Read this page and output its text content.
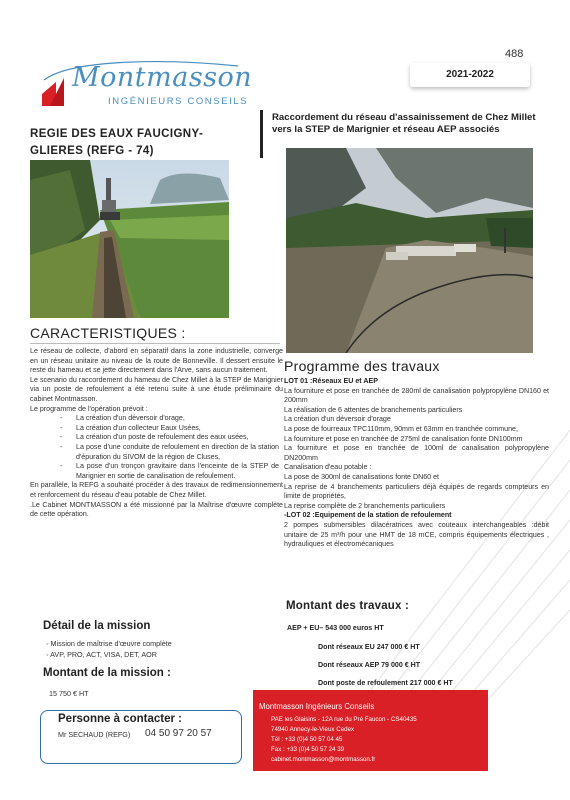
488
Montmasson
INGÉNIEURS CONSEILS
2021-2022
REGIE DES EAUX FAUCIGNY-GLIERES (REFG - 74)
Raccordement du réseau d'assainissement de Chez Millet vers la STEP de Marignier et réseau AEP associés
CARACTERISTIQUES :

Le réseau de collecte, d'abord en séparatif dans la zone industrielle, converge en un réseau unitaire au niveau de la route de Bonneville. Il dessert ensuite le reste du hameau et se jette directement dans l'Arve, sans aucun traitement.

Le scenario du raccordement du hameau de Chez Millet à la STEP de Marignier via un poste de refoulement a été retenu suite à une étude préliminaire du cabinet Montmasson.

Le programme de l'opération prévoit :

- La création d'un déversoir d'orage,
- La création d'un collecteur Eaux Usées,
- La création d'un poste de refoulement des eaux usées,
- La pose d'une conduite de refoulement en direction de la station d'épuration du SIVOM de la région de Cluses,
- La pose d'un tronçon gravitaire dans l'enceinte de la STEP de Marignier en sortie de canalisation de refoulement.

En parallèle, la REFG a souhaité procéder à des travaux de redimensionnement et renforcement du réseau d'eau potable de Chez Millet.

.Le Cabinet MONTMASSON a été missionné par la Maîtrise d'œuvre complète de cette opération.

Détail de la mission
◦ Mission de maîtrise d'œuvre complète
◦ AVP, PRO, ACT, VISA, DET, AOR
Montant de la mission :
15 750 € HT
Personne à contacter :
Mr SECHAUD (REFG) 04 50 97 20 57
Programme des travaux

LOT 01 :Réseaux EU et AEP

La fourniture et pose en tranchée de 280ml de canalisation polypropylène DN160 et 200mm

La réalisation de 6 attentes de branchements particuliers

La création d'un déversoir d'orage

La pose de fourreaux TPC110mm, 90mm et 63mm en tranchée commune,

La fourniture et pose en tranchée de 275ml de canalisation fonte DN100mm

La fourniture et pose en tranchée de 100ml de canalisation polypropylène DN200mm

Canalisation d'eau potable :

La pose de 300ml de canalisations fonte DN60 et

La reprise de 4 branchements particuliers déjà équipés de regards compteurs en limite de propriétés,

La reprise complète de 2 branchements particuliers

-LOT 02 :Equipement de la station de refoulement

2 pompes submersibles dilacératrices avec couteaux interchangeables :débit unitaire de 25 m³/h pour une HMT de 18 mCE, compris équipements électriques , hydrauliques et électromécaniques

Montant des travaux :
AEP + EU– 543 000 euros HT
Dont réseaux EU 247 000 € HT
Dont réseaux AEP 79 000 € HT
Dont poste de refoulement 217 000 € HT
Montmasson Ingénieurs Conseils
PAE les Glaisins - 12A rue du Pré Faucon - CS40435
74940 Annecy-le-Vieux Cedex
Tél : +33 (0)4 50 57 04 45
Fax : +33 (0)4 50 57 24 39
cabinet.montmasson@montmasson.fr
